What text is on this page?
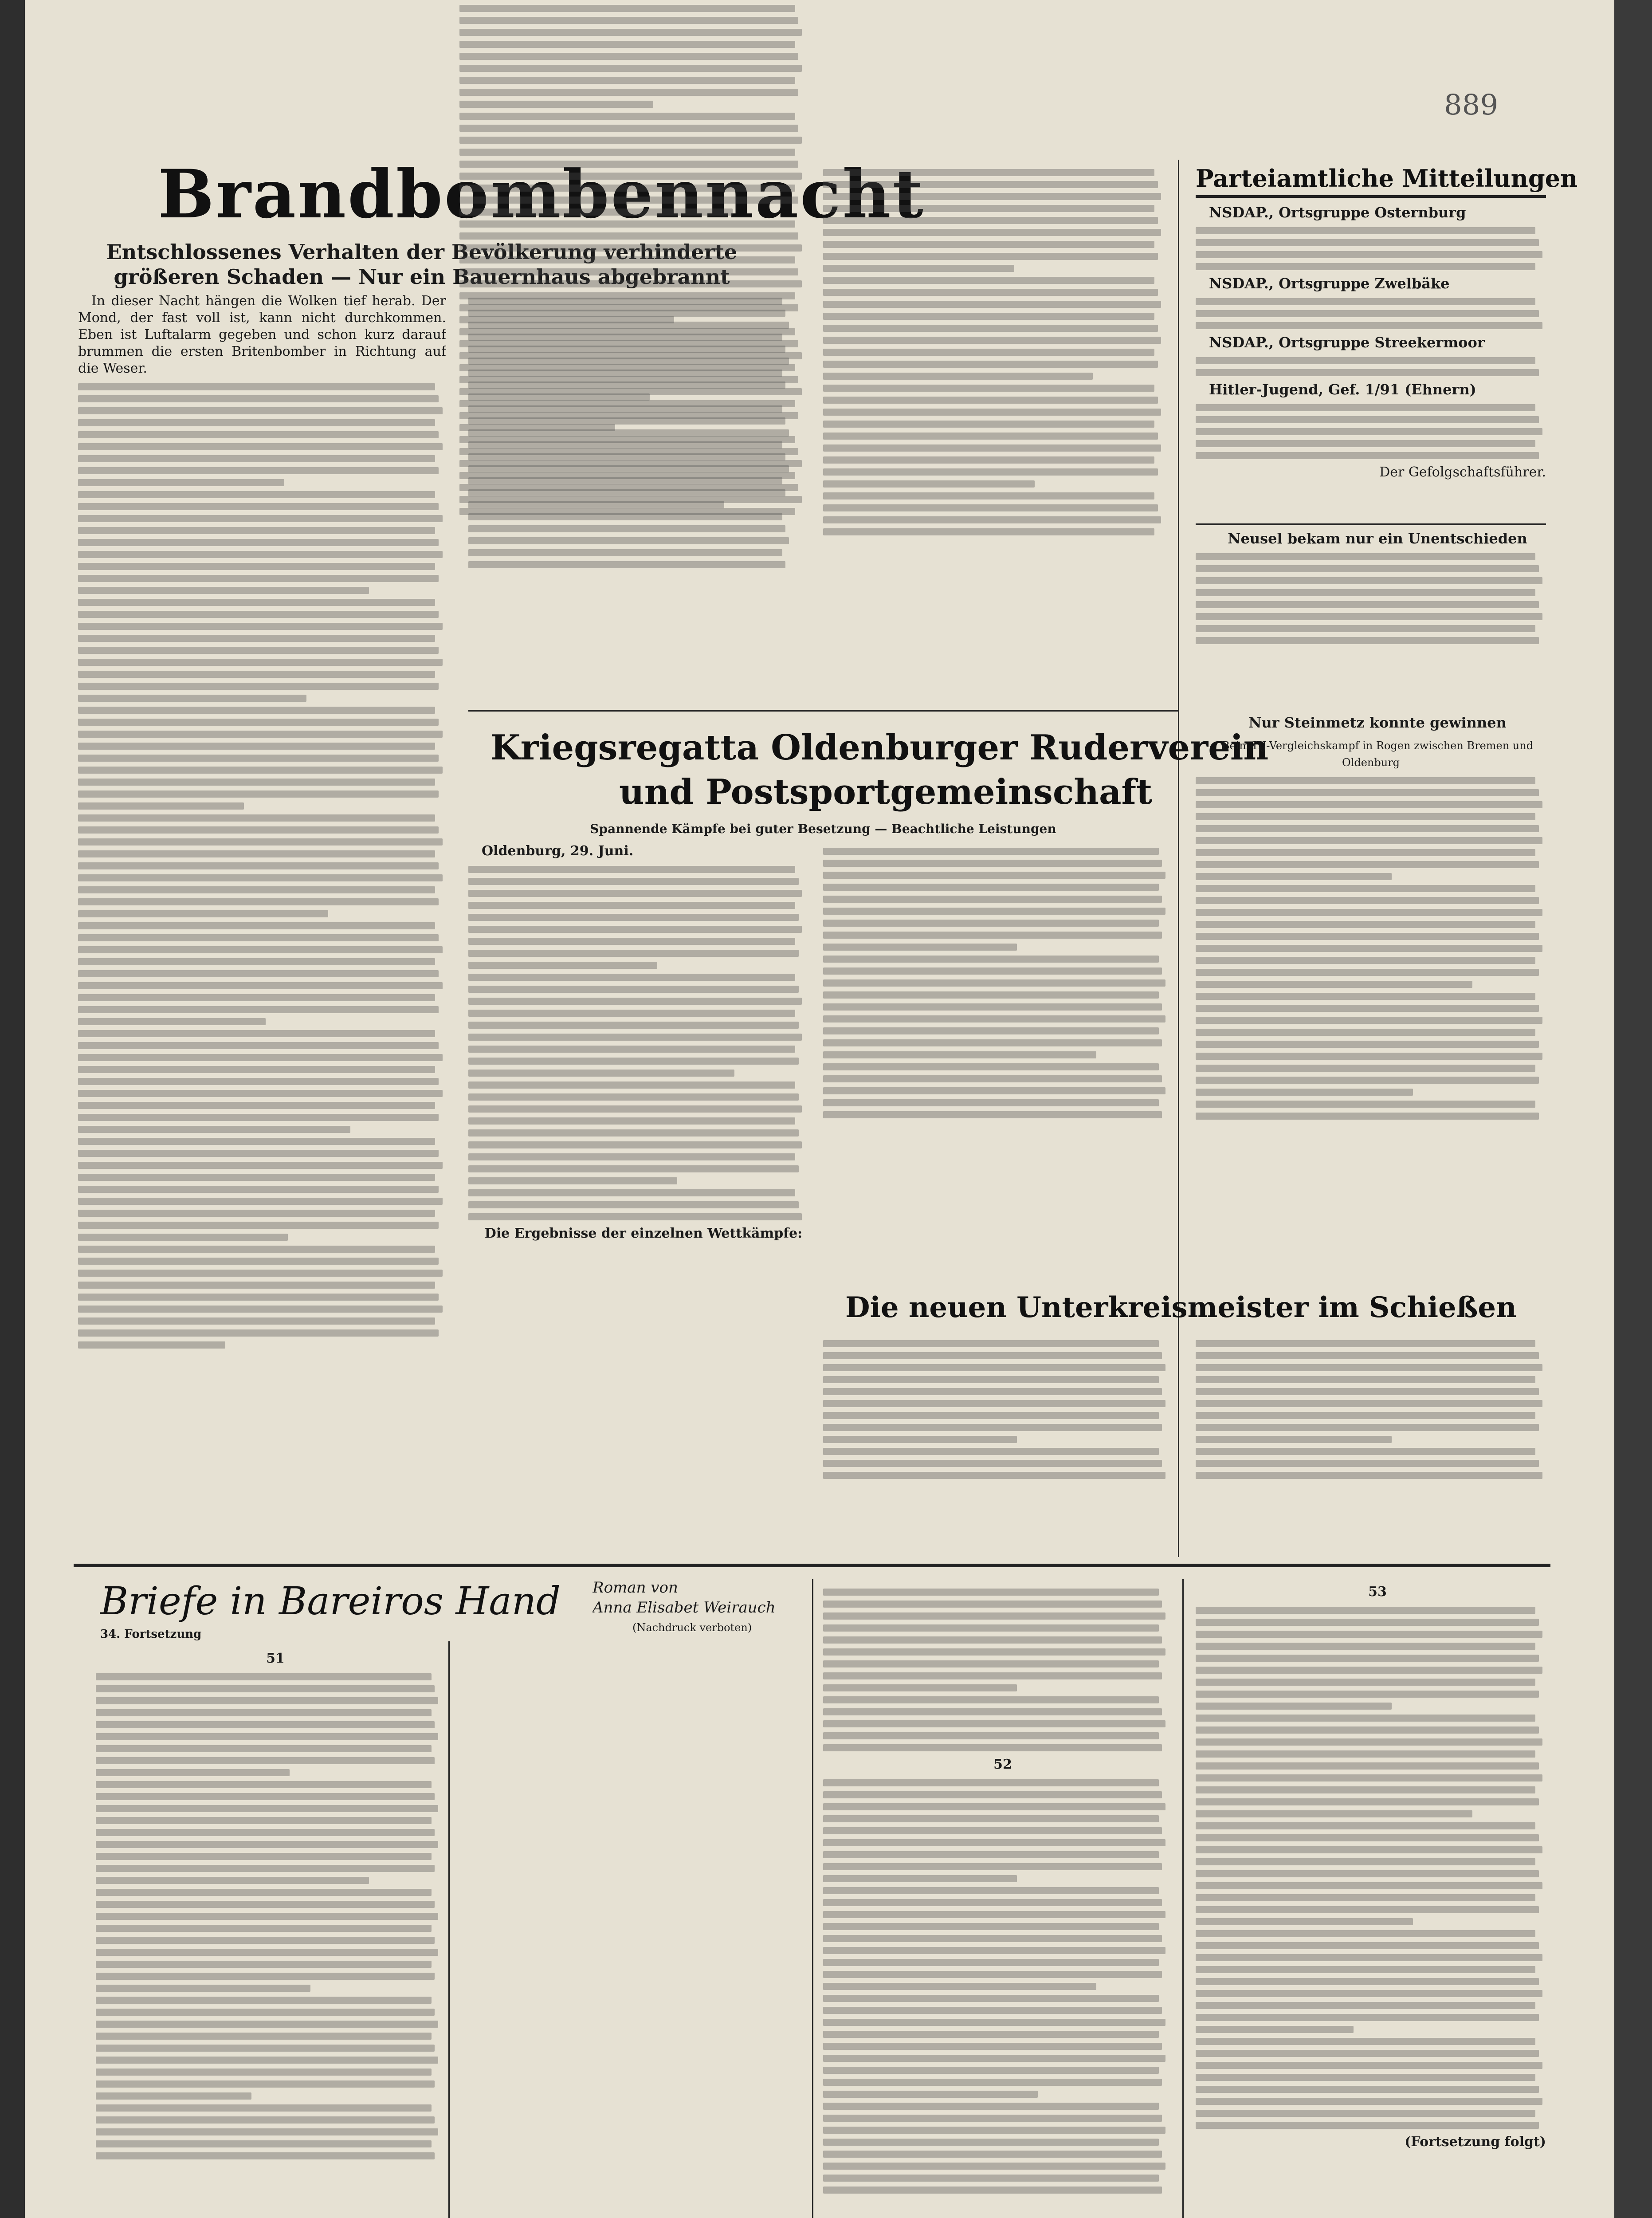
889
Brandbombennacht
Entschlossenes Verhalten der Bevölkerung verhinderte größeren Schaden — Nur ein Bauernhaus abgebrannt

In dieser Nacht hängen die Wolken tief herab. Der Mond, der fast voll ist, kann nicht durchkommen. Eben ist Luftalarm gegeben und schon kurz darauf brummen die ersten Britenbomber in Richtung auf die Weser.

Kriegsregatta Oldenburger Ruderverein
und Postsportgemeinschaft
Spannende Kämpfe bei guter Besetzung — Beachtliche Leistungen

Oldenburg, 29. Juni.

Die Ergebnisse der einzelnen Wettkämpfe:

Die neuen Unterkreismeister im Schießen
Parteiamtliche Mitteilungen

NSDAP., Ortsgruppe Osternburg

NSDAP., Ortsgruppe Zwelbäke

NSDAP., Ortsgruppe Streekermoor

Hitler-Jugend, Gef. 1/91 (Ehnern)

Der Gefolgschaftsführer.

Neusel bekam nur ein Unentschieden

Nur Steinmetz konnte gewinnen

Beim HJ-Vergleichskampf in Rogen zwischen Bremen und Oldenburg

Briefe in Bareiros Hand Roman von
Anna Elisabet Weirauch
(Nachdruck verboten)
34. Fortsetzung

51

52

53

(Fortsetzung folgt)
